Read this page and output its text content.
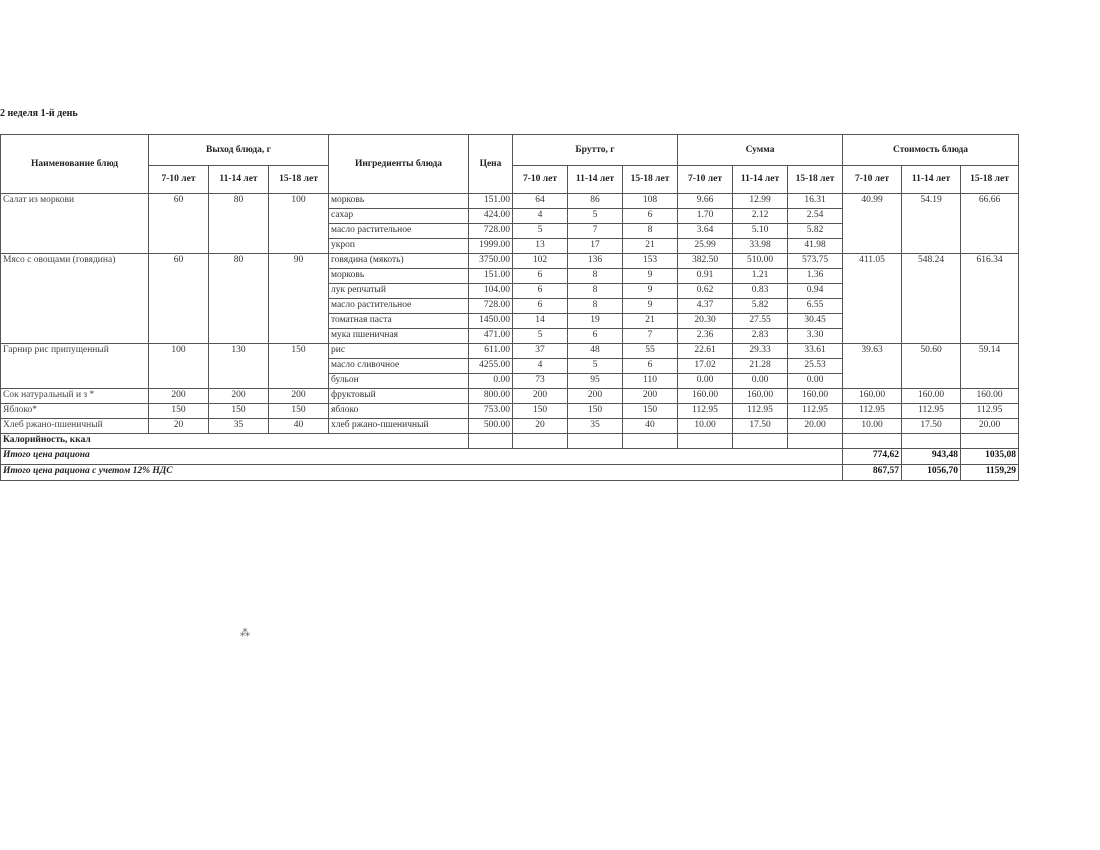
2 неделя 1-й день
Наименование блюд	Выход блюда, г			Ингредиенты блюда	Цена	Брутто, г			Сумма			Стоимость блюда		
	7-10 лет	11-14 лет	15-18 лет			7-10 лет	11-14 лет	15-18 лет	7-10 лет	11-14 лет	15-18 лет	7-10 лет	11-14 лет	15-18 лет
Салат из моркови	60	80	100	морковь	151.00	64	86	108	9.66	12.99	16.31	40.99	54.19	66.66
				сахар	424.00	4	5	6	1.70	2.12	2.54			
				масло растительное	728.00	5	7	8	3.64	5.10	5.82			
				укроп	1999.00	13	17	21	25.99	33.98	41.98			
Мясо с овощами (говядина)	60	80	90	говядина (мякоть)	3750.00	102	136	153	382.50	510.00	573.75	411.05	548.24	616.34
				морковь	151.00	6	8	9	0.91	1.21	1.36			
				лук репчатый	104.00	6	8	9	0.62	0.83	0.94			
				масло растительное	728.00	6	8	9	4.37	5.82	6.55			
				томатная паста	1450.00	14	19	21	20.30	27.55	30.45			
				мука пшеничная	471.00	5	6	7	2.36	2.83	3.30			
Гарнир рис припущенный	100	130	150	рис	611.00	37	48	55	22.61	29.33	33.61	39.63	50.60	59.14
				масло сливочное	4255.00	4	5	6	17.02	21.28	25.53			
				бульон	0.00	73	95	110	0.00	0.00	0.00			
Сок натуральный и з *	200	200	200	фруктовый	800.00	200	200	200	160.00	160.00	160.00	160.00	160.00	160.00
Яблоко*	150	150	150	яблоко	753.00	150	150	150	112.95	112.95	112.95	112.95	112.95	112.95
Хлеб ржано-пшеничный	20	35	40	хлеб ржано-пшеничный	500.00	20	35	40	10.00	17.50	20.00	10.00	17.50	20.00
Калорийность, ккал														
Итого цена рациона												774,62	943,48	1035,08
Итого цена рациона с учетом 12% НДС												867,57	1056,70	1159,29
⁂
